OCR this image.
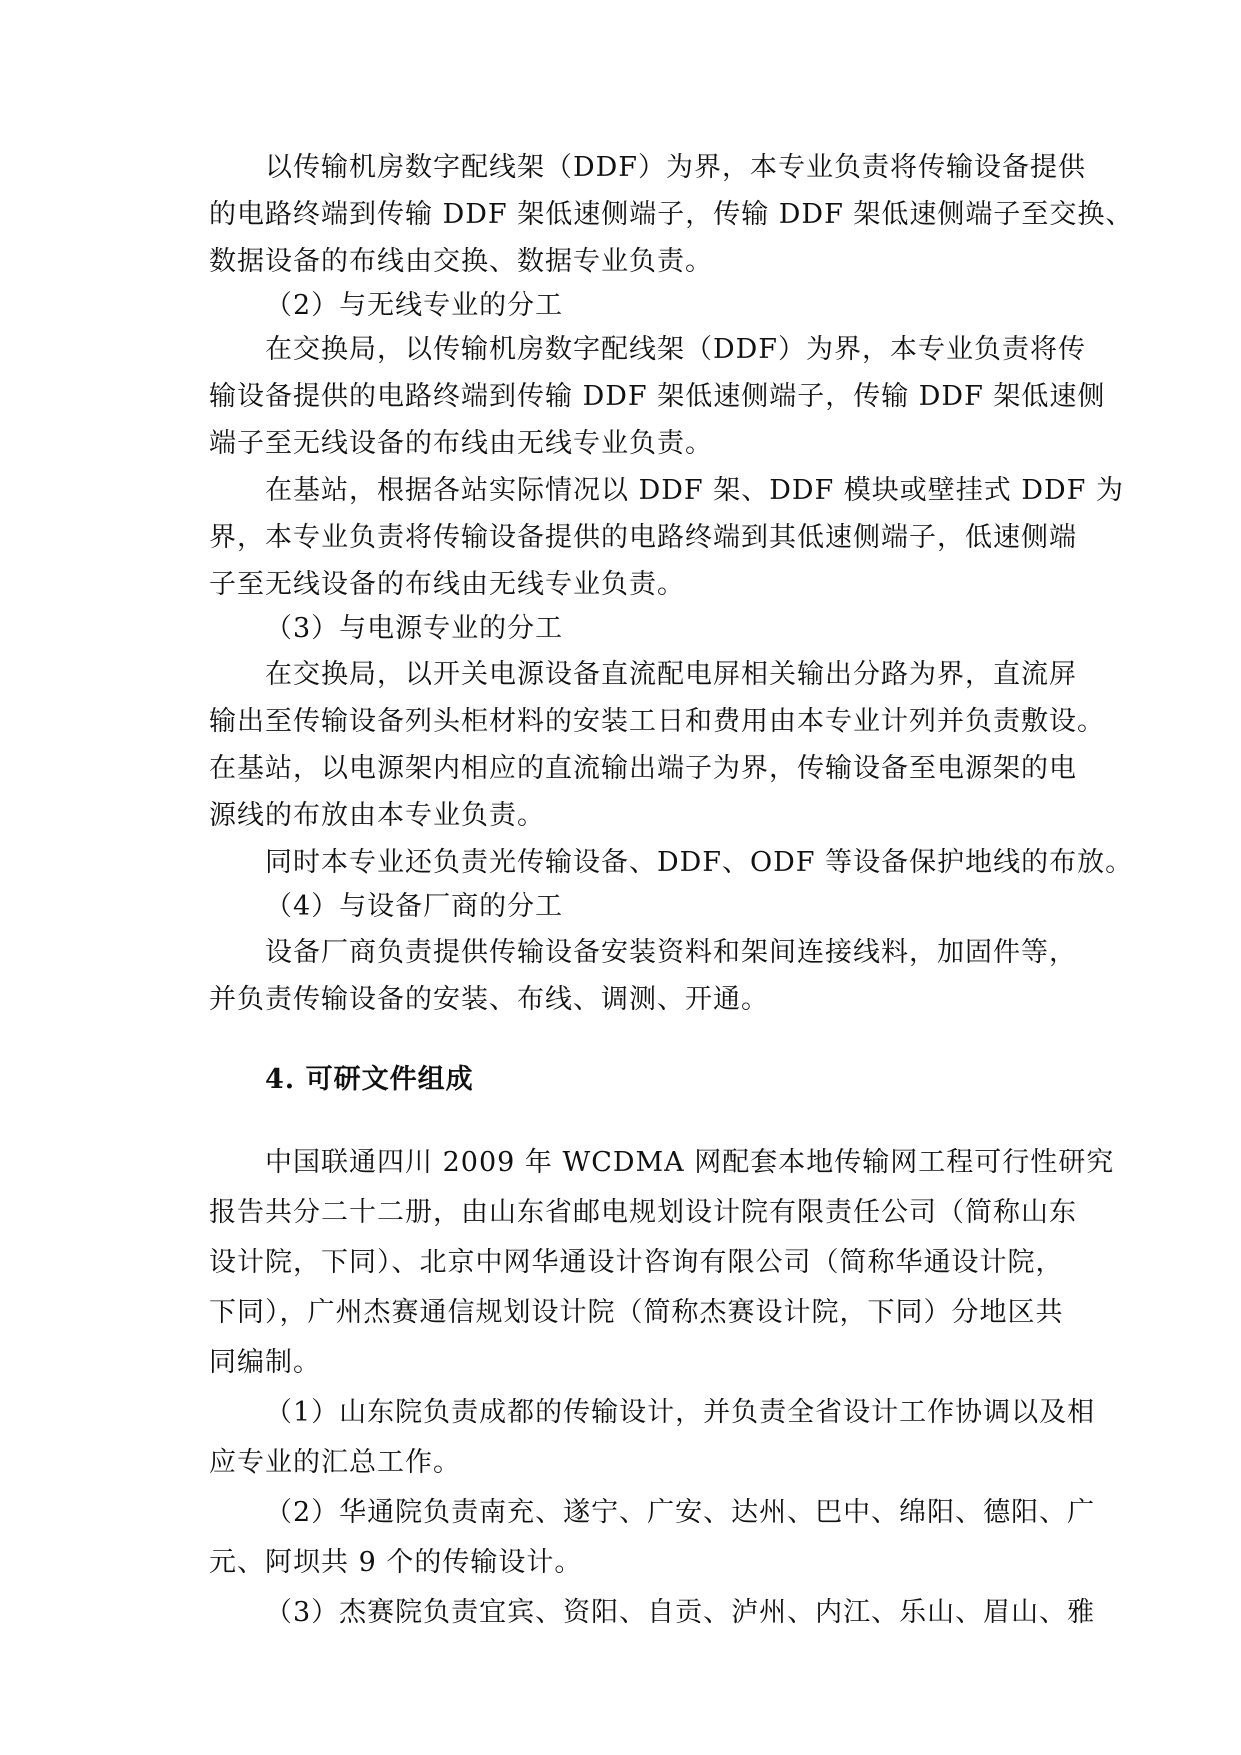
以传输机房数字配线架（DDF）为界，本专业负责将传输设备提供
的电路终端到传输 DDF 架低速侧端子，传输 DDF 架低速侧端子至交换、
数据设备的布线由交换、数据专业负责。
（2）与无线专业的分工
在交换局，以传输机房数字配线架（DDF）为界，本专业负责将传
输设备提供的电路终端到传输 DDF 架低速侧端子，传输 DDF 架低速侧
端子至无线设备的布线由无线专业负责。
在基站，根据各站实际情况以 DDF 架、DDF 模块或壁挂式 DDF 为
界，本专业负责将传输设备提供的电路终端到其低速侧端子，低速侧端
子至无线设备的布线由无线专业负责。
（3）与电源专业的分工
在交换局，以开关电源设备直流配电屏相关输出分路为界，直流屏
输出至传输设备列头柜材料的安装工日和费用由本专业计列并负责敷设。
在基站，以电源架内相应的直流输出端子为界，传输设备至电源架的电
源线的布放由本专业负责。
同时本专业还负责光传输设备、DDF、ODF 等设备保护地线的布放。
（4）与设备厂商的分工
设备厂商负责提供传输设备安装资料和架间连接线料，加固件等，
并负责传输设备的安装、布线、调测、开通。
4. 可研文件组成
中国联通四川 2009 年 WCDMA 网配套本地传输网工程可行性研究
报告共分二十二册，由山东省邮电规划设计院有限责任公司（简称山东
设计院，下同）、北京中网华通设计咨询有限公司（简称华通设计院，
下同），广州杰赛通信规划设计院（简称杰赛设计院，下同）分地区共
同编制。
（1）山东院负责成都的传输设计，并负责全省设计工作协调以及相
应专业的汇总工作。
（2）华通院负责南充、遂宁、广安、达州、巴中、绵阳、德阳、广
元、阿坝共 9 个的传输设计。
（3）杰赛院负责宜宾、资阳、自贡、泸州、内江、乐山、眉山、雅
